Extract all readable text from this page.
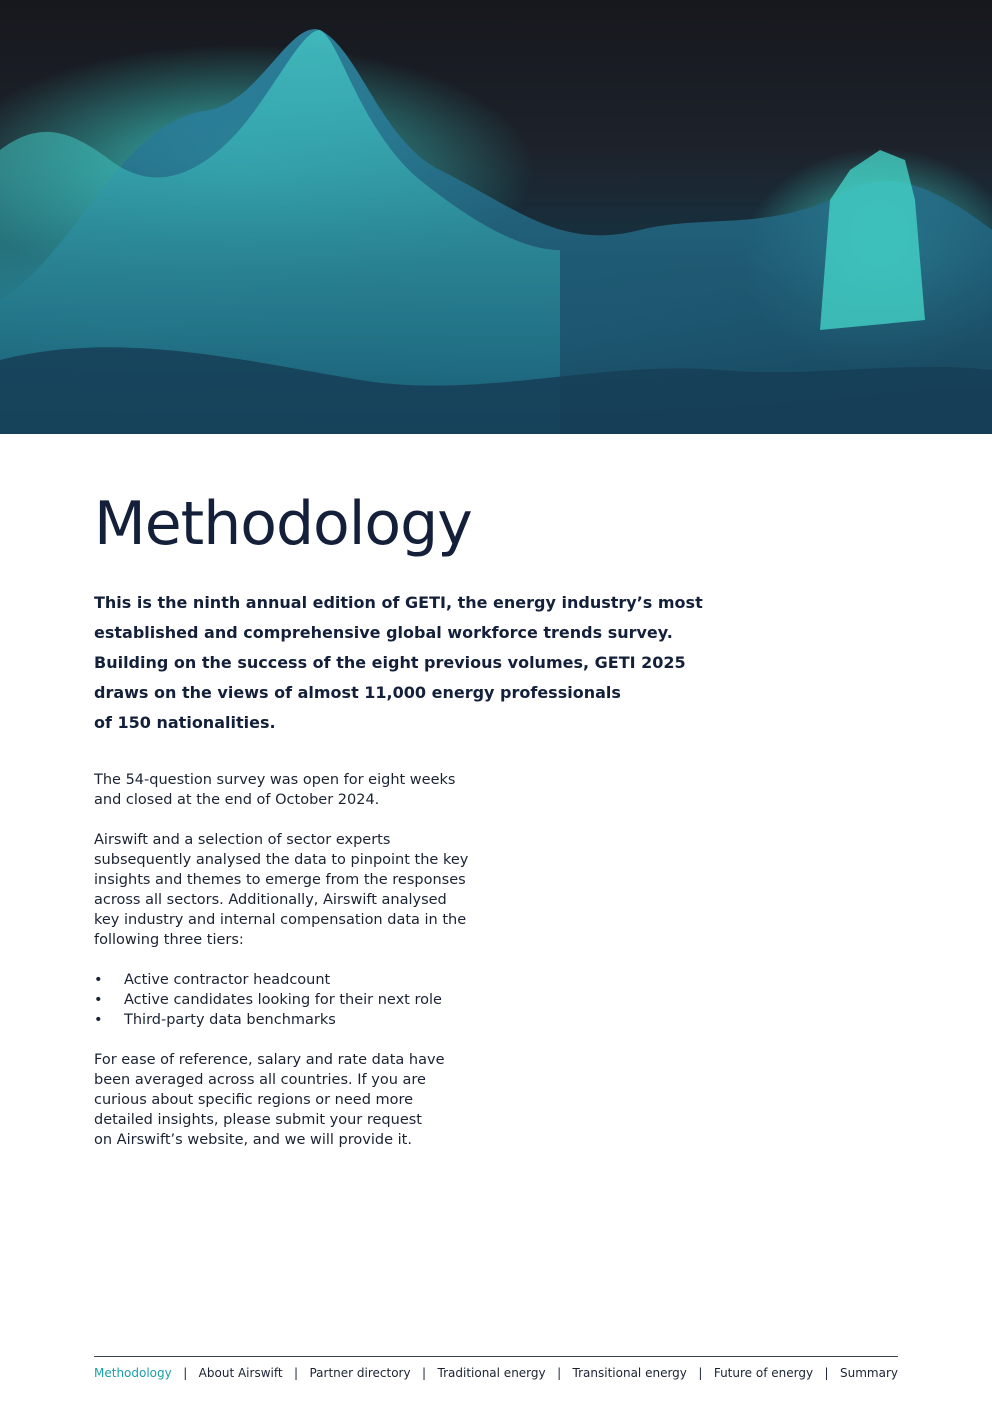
Methodology

This is the ninth annual edition of GETI, the energy industry’s most
established and comprehensive global workforce trends survey.
Building on the success of the eight previous volumes, GETI 2025
draws on the views of almost 11,000 energy professionals
of 150 nationalities.

The 54-question survey was open for eight weeks
and closed at the end of October 2024.

Airswift and a selection of sector experts
subsequently analysed the data to pinpoint the key
insights and themes to emerge from the responses
across all sectors. Additionally, Airswift analysed
key industry and internal compensation data in the
following three tiers:

• Active contractor headcount
• Active candidates looking for their next role
• Third-party data benchmarks

For ease of reference, salary and rate data have
been averaged across all countries. If you are
curious about specific regions or need more
detailed insights, please submit your request
on Airswift’s website, and we will provide it.

Methodology | About Airswift | Partner directory | Traditional energy | Transitional energy | Future of energy | Summary
